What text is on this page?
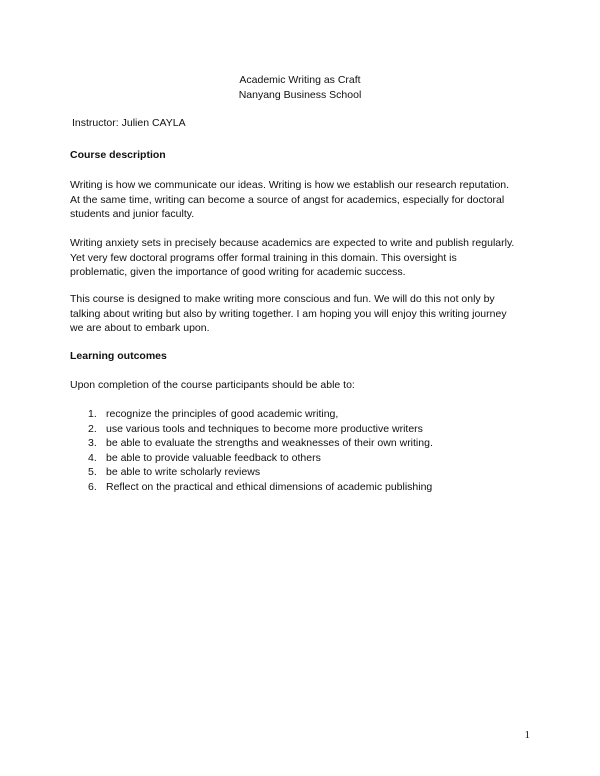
Academic Writing as Craft
Nanyang Business School
Instructor: Julien CAYLA
Course description
Writing is how we communicate our ideas. Writing is how we establish our research reputation.
At the same time, writing can become a source of angst for academics, especially for doctoral
students and junior faculty.
Writing anxiety sets in precisely because academics are expected to write and publish regularly.
Yet very few doctoral programs offer formal training in this domain. This oversight is
problematic, given the importance of good writing for academic success.
This course is designed to make writing more conscious and fun. We will do this not only by
talking about writing but also by writing together. I am hoping you will enjoy this writing journey
we are about to embark upon.
Learning outcomes
Upon completion of the course participants should be able to:
1. recognize the principles of good academic writing,
2. use various tools and techniques to become more productive writers
3. be able to evaluate the strengths and weaknesses of their own writing.
4. be able to provide valuable feedback to others
5. be able to write scholarly reviews
6. Reflect on the practical and ethical dimensions of academic publishing
1
